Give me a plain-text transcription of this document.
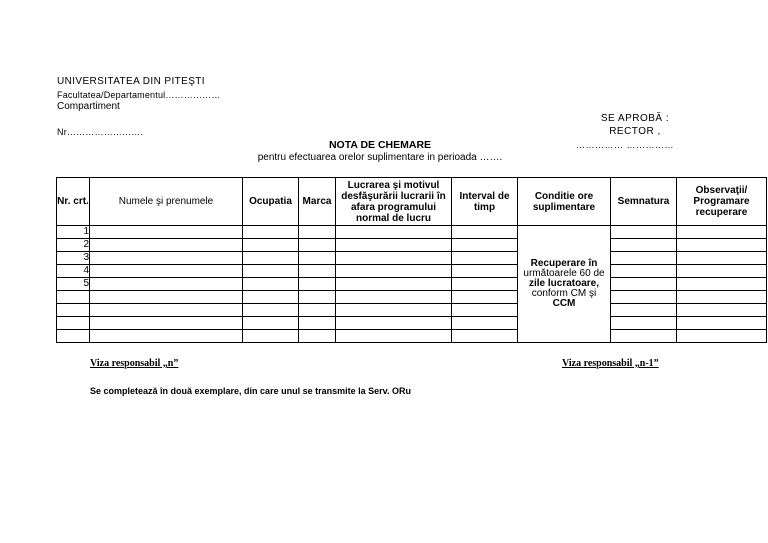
UNIVERSITATEA DIN PITEŞTI
Facultatea/Departamentul………………
Compartiment
Nr…………………….
SE APROBĂ :
RECTOR ,
…………… ……………
NOTA DE CHEMARE
pentru efectuarea orelor suplimentare in perioada …….
Nr. crt.	Numele şi prenumele	Ocupatia	Marca	Lucrarea şi motivul desfăşurării lucrarii în afara programului normal de lucru	Interval de timp	Conditie ore suplimentare	Semnatura	Observaţii/ Programare recuperare
1						Recuperare în
următoarele 60 de
zile lucratoare,
conform CM şi
CCM		
2								
3								
4								
5								

Viza responsabil „n”	Viza responsabil „n-1”
Se completează în două exemplare, din care unul se transmite la Serv. ORu
